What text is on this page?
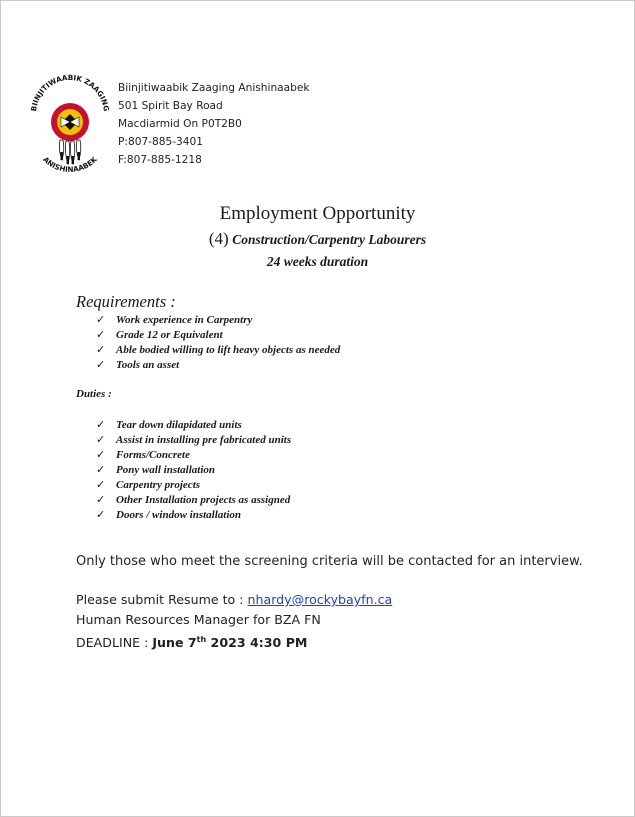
BIINJITIWAABIK ZAAGING
ANISHINAABEK
Biinjitiwaabik Zaaging Anishinaabek
501 Spirit Bay Road
Macdiarmid On P0T2B0
P:807-885-3401
F:807-885-1218
Employment Opportunity
(4) Construction/Carpentry Labourers
24 weeks duration
Requirements :
✓ Work experience in Carpentry
✓ Grade 12 or Equivalent
✓ Able bodied willing to lift heavy objects as needed
✓ Tools an asset
Duties :
✓ Tear down dilapidated units
✓ Assist in installing pre fabricated units
✓ Forms/Concrete
✓ Pony wall installation
✓ Carpentry projects
✓ Other Installation projects as assigned
✓ Doors / window installation
Only those who meet the screening criteria will be contacted for an interview.
Please submit Resume to : nhardy@rockybayfn.ca
Human Resources Manager for BZA FN
DEADLINE : June 7th 2023 4:30 PM
